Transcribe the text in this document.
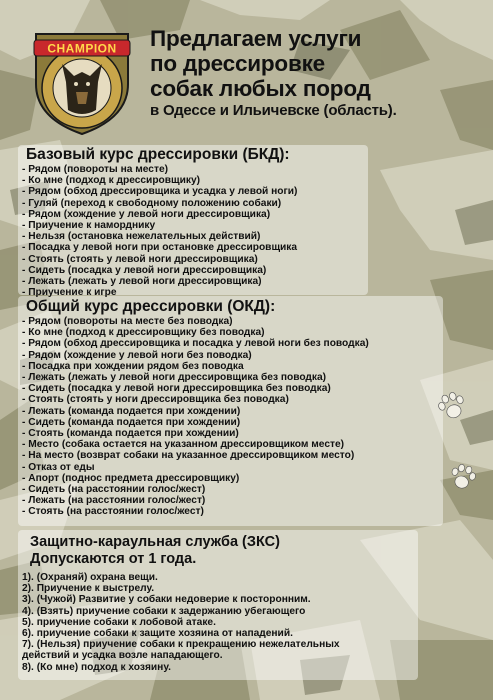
CHAMPION Предлагаем услуги
по дрессировке
собак любых пород
в Одессе и Ильичевске (область).
Базовый курс дрессировки (БКД):
- Рядом (повороты на месте)
- Ко мне (подход к дрессировщику)
- Рядом (обход дрессировщика и усадка у левой ноги)
- Гуляй (переход к свободному положению собаки)
- Рядом (хождение у левой ноги дрессировщика)
- Приучение к наморднику
- Нельзя (остановка нежелательных действий)
- Посадка у левой ноги при остановке дрессировщика
- Стоять (стоять у левой ноги дрессировщика)
- Сидеть (посадка у левой ноги дрессировщика)
- Лежать (лежать у левой ноги дрессировщика)
- Приучение к игре
Общий курс дрессировки (ОКД):
- Рядом (повороты на месте без поводка)
- Ко мне (подход к дрессировщику без поводка)
- Рядом (обход дрессировщика и посадка у левой ноги без поводка)
- Рядом (хождение у левой ноги без поводка)
- Посадка при хождении рядом без поводка
- Лежать (лежать у левой ноги дрессировщика без поводка)
- Сидеть (посадка у левой ноги дрессировщика без поводка)
- Стоять (стоять у ноги дрессировщика без поводка)
- Лежать (команда подается при хождении)
- Сидеть (команда подается при хождении)
- Стоять (команда подается при хождении)
- Место (собака остается на указанном дрессировщиком месте)
- На место (возврат собаки на указанное дрессировщиком место)
- Отказ от еды
- Апорт (поднос предмета дрессировщику)
- Сидеть (на расстоянии голос/жест)
- Лежать (на расстоянии голос/жест)
- Стоять (на расстоянии голос/жест)
Защитно-караульная служба (ЗКС)
Допускаются от 1 года.
1). (Охраняй) охрана вещи.
2). Приучение к выстрелу.
3). (Чужой) Развитие у собаки недоверие к посторонним.
4). (Взять) приучение собаки к задержанию убегающего
5). приучение собаки к лобовой атаке.
6). приучение собаки к защите хозяина от нападений.
7). (Нельзя) приучение собаки к прекращению нежелательных
действий и усадка возле нападающего.
8). (Ко мне) подход к хозяину.
